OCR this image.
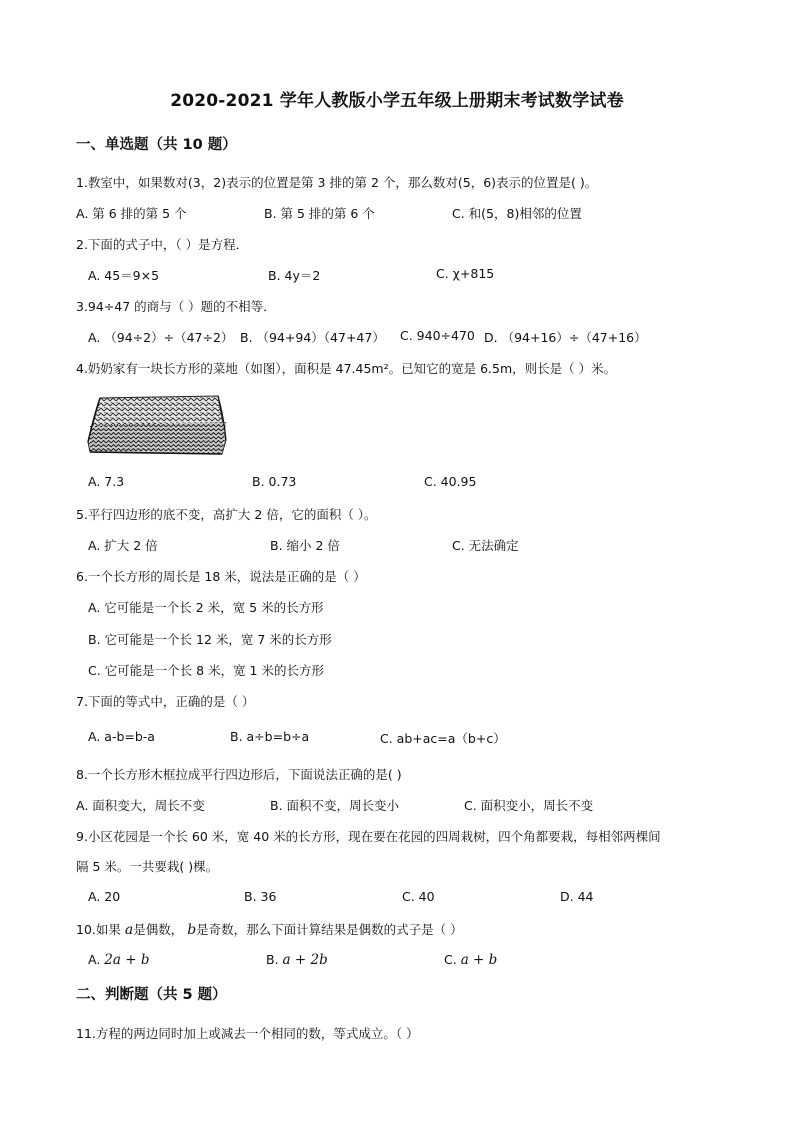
2020-2021 学年人教版小学五年级上册期末考试数学试卷
一、单选题（共 10 题）
1.教室中，如果数对(3，2)表示的位置是第 3 排的第 2 个，那么数对(5，6)表示的位置是( )。
A. 第 6 排的第 5 个	B. 第 5 排的第 6 个	C. 和(5，8)相邻的位置
2.下面的式子中，（ ）是方程．
A. 45＝9×5	B. 4y＝2	C. χ+815
3.94÷47 的商与（ ）题的不相等．
A. （94÷2）÷（47÷2） B. （94+94）（47+47） C. 940÷470 D. （94+16）÷（47+16）
4.奶奶家有一块长方形的菜地（如图），面积是 47.45m²。已知它的宽是 6.5m，则长是（ ）米。
A. 7.3	B. 0.73	C. 40.95
5.平行四边形的底不变，高扩大 2 倍，它的面积（ ）。
A. 扩大 2 倍	B. 缩小 2 倍	C. 无法确定
6.一个长方形的周长是 18 米，说法是正确的是（ ）
A. 它可能是一个长 2 米，宽 5 米的长方形
B. 它可能是一个长 12 米，宽 7 米的长方形
C. 它可能是一个长 8 米，宽 1 米的长方形
7.下面的等式中，正确的是（ ）
A. a-b=b-a	B. a÷b=b÷a	C. ab+ac=a（b+c）
8.一个长方形木框拉成平行四边形后，下面说法正确的是( )
A. 面积变大，周长不变	B. 面积不变，周长变小	C. 面积变小，周长不变
9.小区花园是一个长 60 米，宽 40 米的长方形，现在要在花园的四周栽树，四个角都要栽，每相邻两棵间
隔 5 米。一共要栽( )棵。
A. 20	B. 36	C. 40	D. 44
10.如果 a是偶数， b是奇数，那么下面计算结果是偶数的式子是（ ）
A. 2a + b	B. a + 2b	C. a + b
二、判断题（共 5 题）
11.方程的两边同时加上或减去一个相同的数，等式成立。（ ）
